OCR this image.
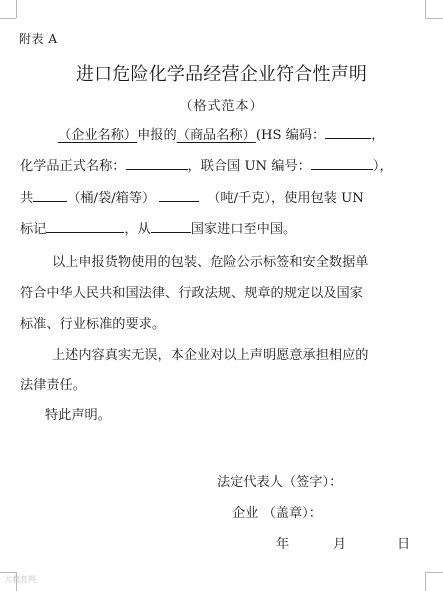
附表 A
进口危险化学品经营企业符合性声明
（格式范本）
（企业名称）申报的（商品名称）(HS 编码：	，
化学品正式名称：	，联合国 UN 编号：	），
共	（桶/袋/箱等）	（吨/千克），使用包装 UN
标记	，从	国家进口至中国。
以上申报货物使用的包装、危险公示标签和安全数据单
符合中华人民共和国法律、行政法规、规章的规定以及国家
标准、行业标准的要求。
上述内容真实无误，本企业对以上声明愿意承担相应的
法律责任。
特此声明。
法定代表人（签字）：
企业 （盖章）：
年	月	日
大教育网
